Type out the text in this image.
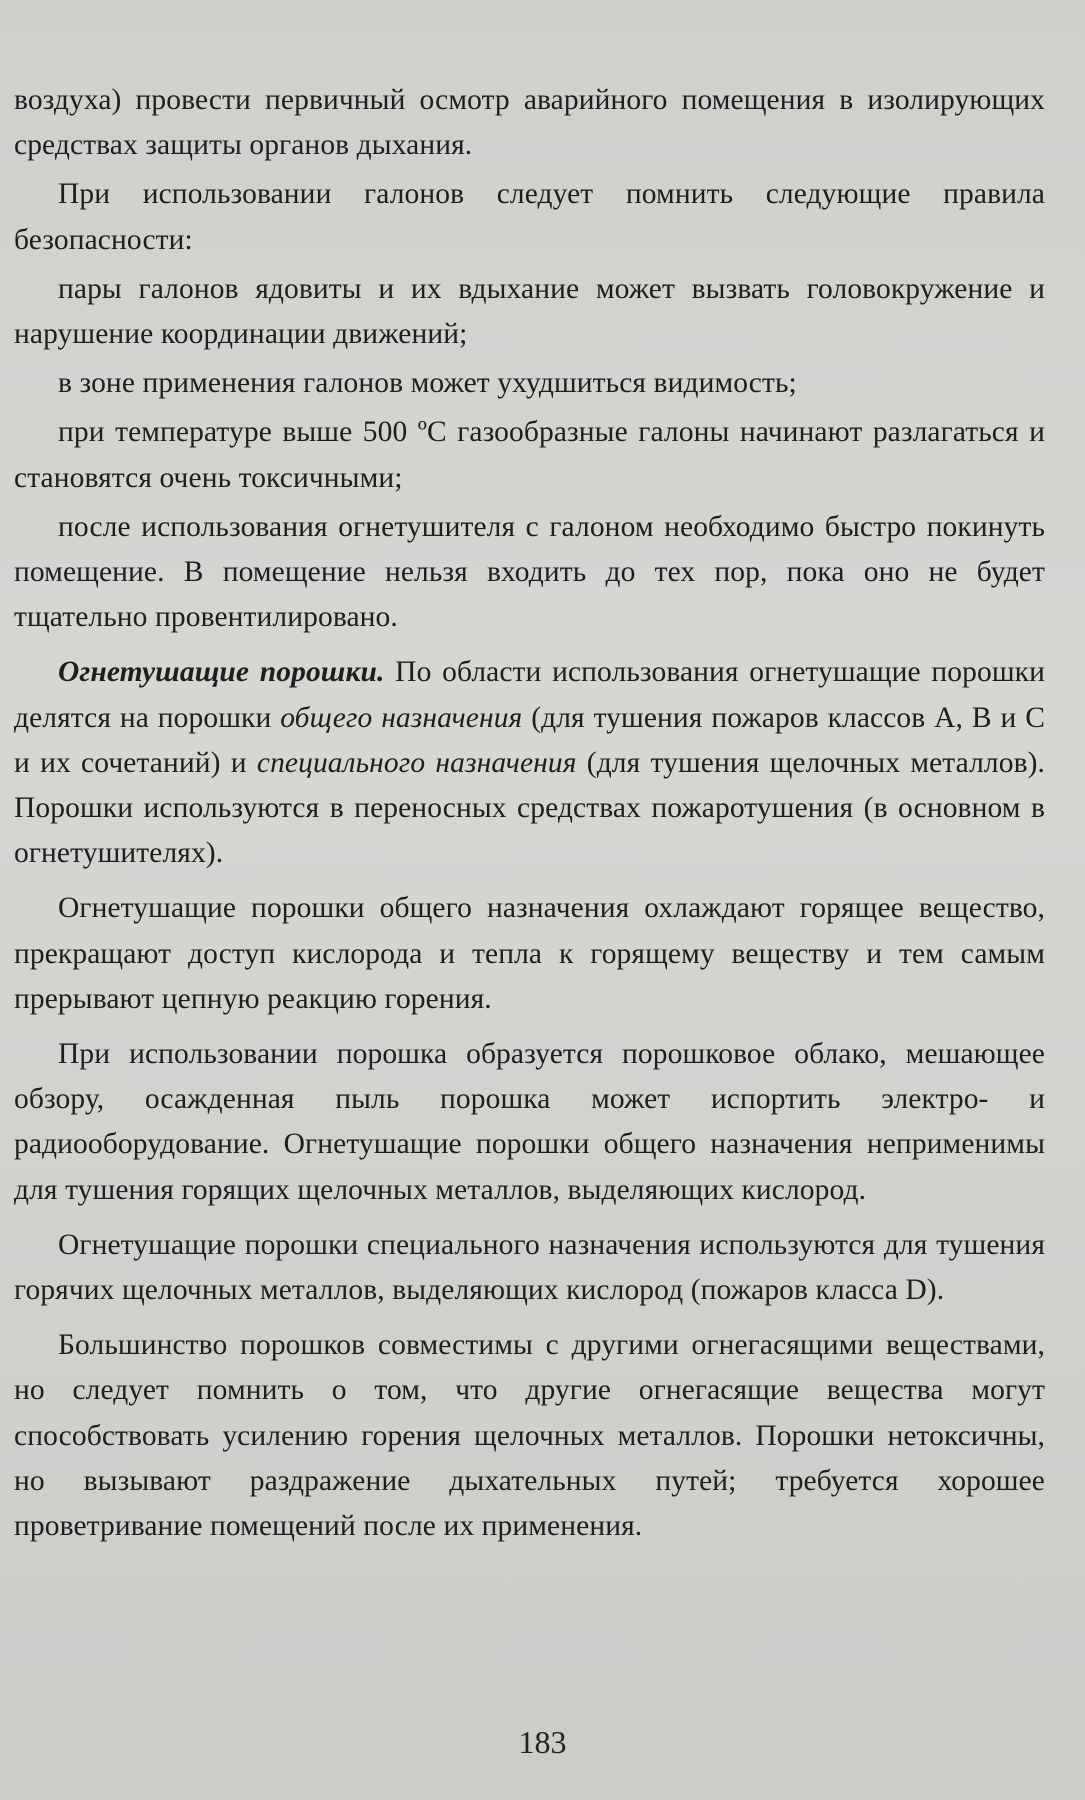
воздуха) провести первичный осмотр аварийного помещения в изолирующих средствах защиты органов дыхания.

При использовании галонов следует помнить следующие правила безопасности:

пары галонов ядовиты и их вдыхание может вызвать головокружение и нарушение координации движений;

в зоне применения галонов может ухудшиться видимость;

при температуре выше 500 ºС газообразные галоны начинают разлагаться и становятся очень токсичными;

после использования огнетушителя с галоном необходимо быстро покинуть помещение. В помещение нельзя входить до тех пор, пока оно не будет тщательно провентилировано.

Огнетушащие порошки. По области использования огнетушащие порошки делятся на порошки общего назначения (для тушения пожаров классов А, В и С и их сочетаний) и специального назначения (для тушения щелочных металлов). Порошки используются в переносных средствах пожаротушения (в основном в огнетушителях).

Огнетушащие порошки общего назначения охлаждают горящее вещество, прекращают доступ кислорода и тепла к горящему веществу и тем самым прерывают цепную реакцию горения.

При использовании порошка образуется порошковое облако, мешающее обзору, осажденная пыль порошка может испортить электро- и радиооборудование. Огнетушащие порошки общего назначения неприменимы для тушения горящих щелочных металлов, выделяющих кислород.

Огнетушащие порошки специального назначения используются для тушения горячих щелочных металлов, выделяющих кислород (пожаров класса D).

Большинство порошков совместимы с другими огнегасящими веществами, но следует помнить о том, что другие огнегасящие вещества могут способствовать усилению горения щелочных металлов. Порошки нетоксичны, но вызывают раздражение дыхательных путей; требуется хорошее проветривание помещений после их применения.

183
